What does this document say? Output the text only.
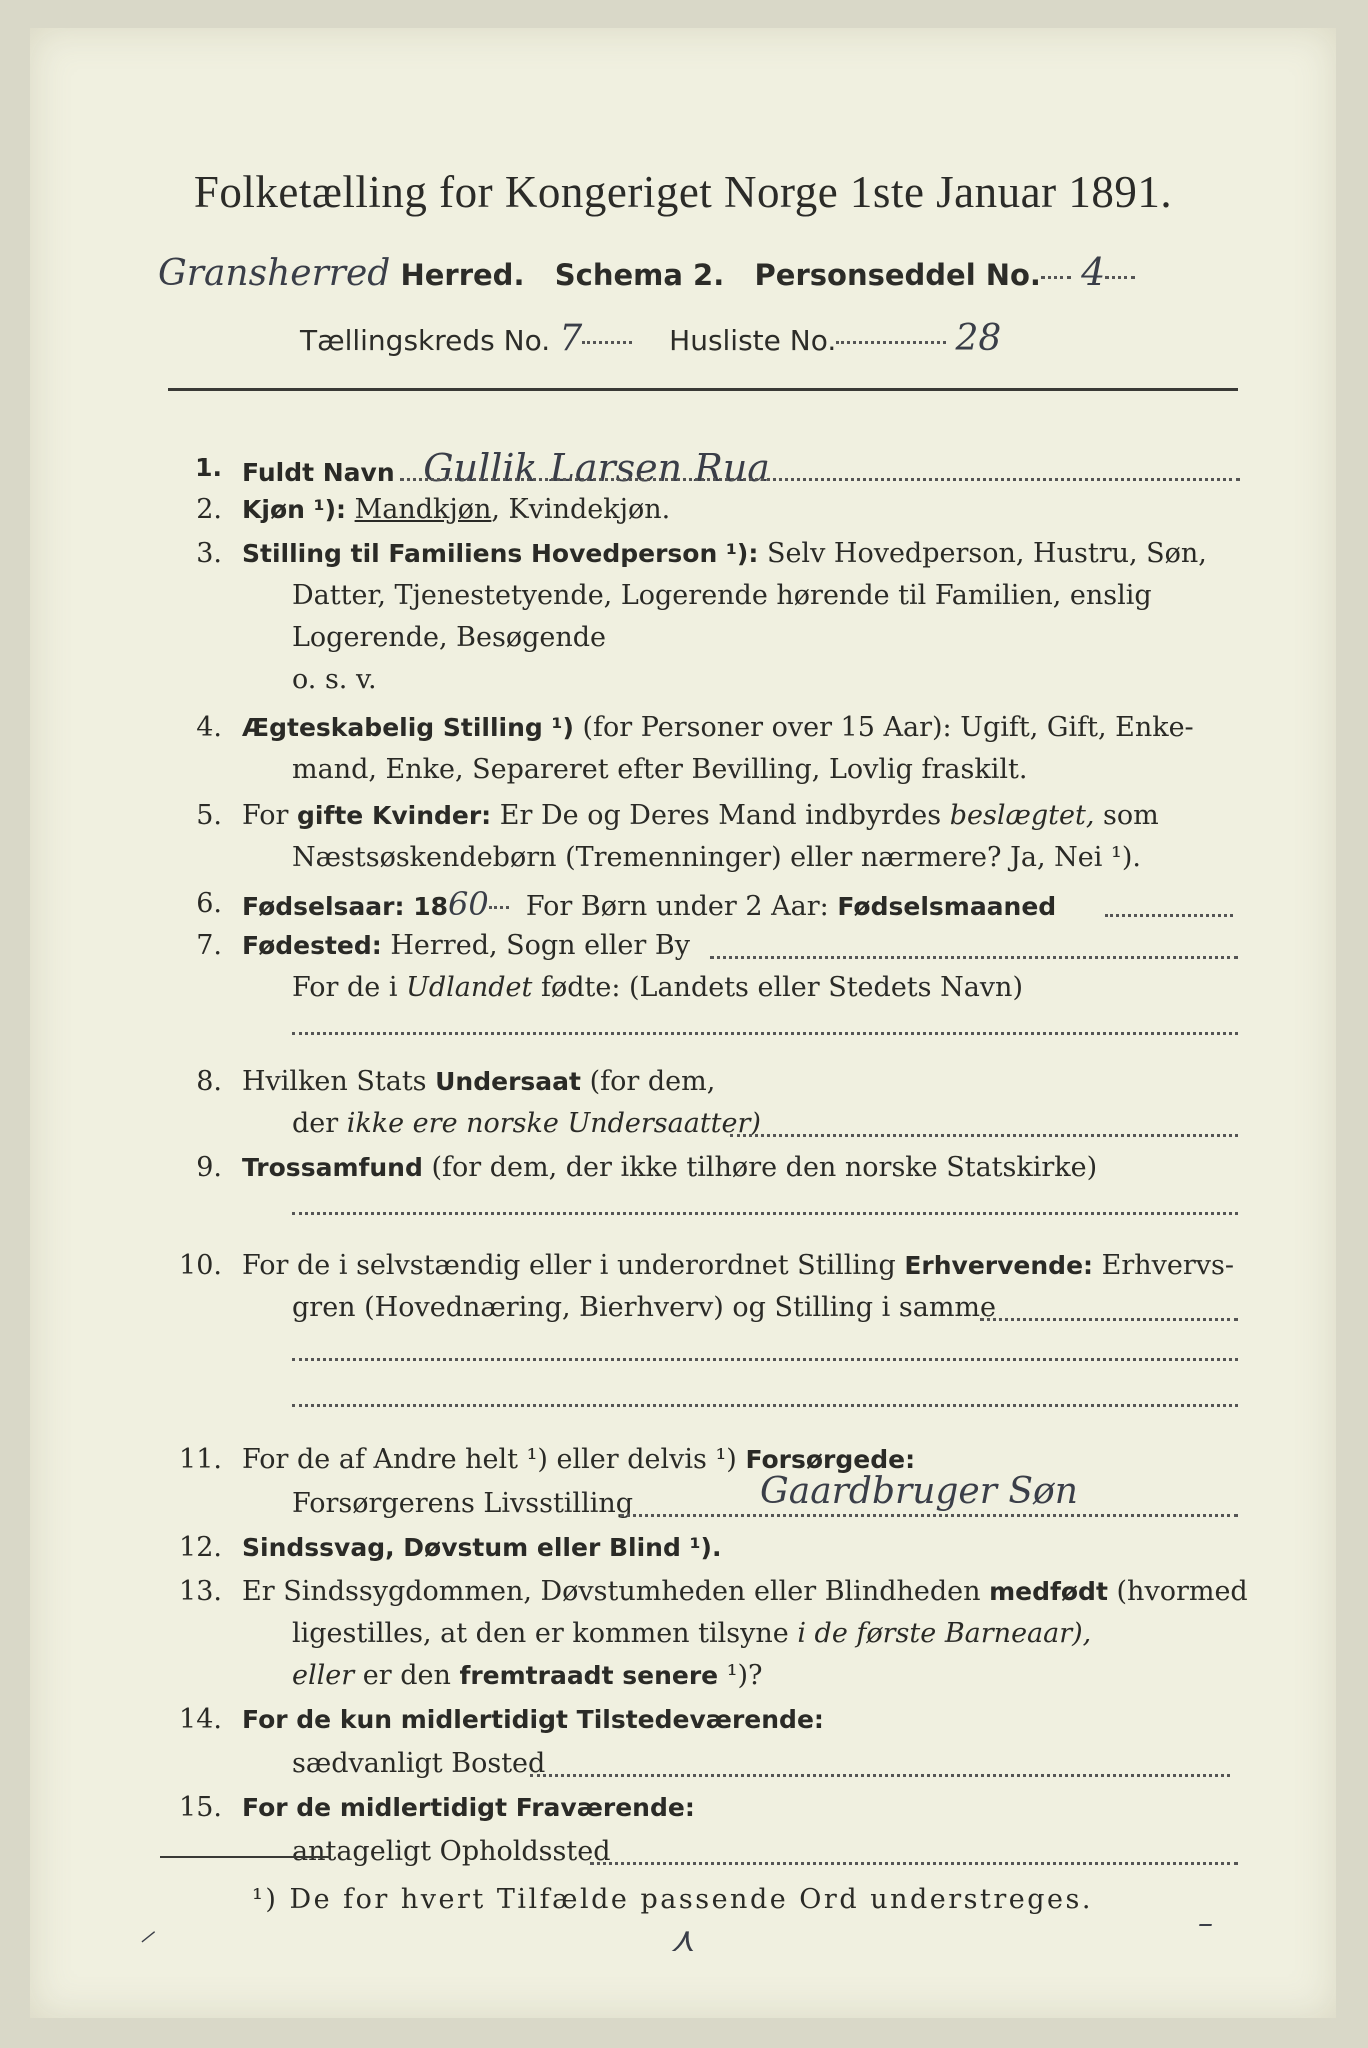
Folketælling for Kongeriget Norge 1ste Januar 1891.
Gransherred Herred. Schema 2. Personseddel No. 4
Tællingskreds No. 7	Husliste No.	28
1. Fuldt Navn Gullik Larsen Rua
2. Kjøn ¹): Mandkjøn, Kvindekjøn.
3. Stilling til Familiens Hovedperson ¹): Selv Hovedperson, Hustru, Søn,
Datter, Tjenestetyende, Logerende hørende til Familien, enslig
Logerende, Besøgende
o. s. v.
4. Ægteskabelig Stilling ¹) (for Personer over 15 Aar): Ugift, Gift, Enke-
mand, Enke, Separeret efter Bevilling, Lovlig fraskilt.
5. For gifte Kvinder: Er De og Deres Mand indbyrdes beslægtet, som
Næstsøskendebørn (Tremenninger) eller nærmere? Ja, Nei ¹).
6. Fødselsaar: 1860 For Børn under 2 Aar: Fødselsmaaned
7. Fødested: Herred, Sogn eller By
For de i Udlandet fødte: (Landets eller Stedets Navn)
8. Hvilken Stats Undersaat (for dem,
der ikke ere norske Undersaatter)
9. Trossamfund (for dem, der ikke tilhøre den norske Statskirke)
10. For de i selvstændig eller i underordnet Stilling Erhvervende: Erhvervs-
gren (Hovednæring, Bierhverv) og Stilling i samme
11. For de af Andre helt ¹) eller delvis ¹) Forsørgede:
Forsørgerens Livsstilling	Gaardbruger Søn
12. Sindssvag, Døvstum eller Blind ¹).
13. Er Sindssygdommen, Døvstumheden eller Blindheden medfødt (hvormed
ligestilles, at den er kommen tilsyne i de første Barneaar),
eller er den fremtraadt senere ¹)?
14. For de kun midlertidigt Tilstedeværende:
sædvanligt Bosted
15. For de midlertidigt Fraværende:
antageligt Opholdssted
¹) De for hvert Tilfælde passende Ord understreges.
⸝	⋏	–
